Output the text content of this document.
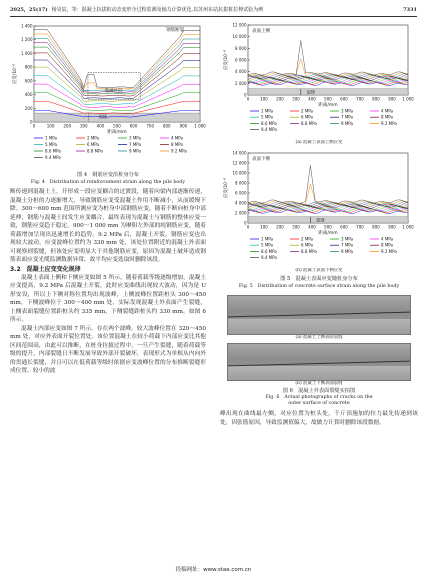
2025，25(17) 杨昊辰，等：混凝土抗拔桩动态变形全过程监测及轴力计算优化,以苏州东站抗拔桩拉伸试验为例	7331
0
200
400
600
800
1 000
1 200
1 400
0	100 200 300 400 500 600 700 800 900 1 000
距离/mm
应变/10⁻⁶
裂缝
选择区间
钢筋断裂
1 MPa	2 MPa	3 MPa	4 MPa
5 MPa	6 MPa	7 MPa	8 MPa
8.6 MPa	8.8 MPa	9 MPa	9.2 MPa
9.4 MPa
图 4　钢筋应变沿桩身分布
Fig. 4　Distribution of reinforcement strain along the pile body

断传递到混凝土上，开形成一段应变耦合的过渡段，随着向梁内部逐渐传递，混凝土分担的力逐渐增大，导致钢筋应变受混凝土作用不断减小，从而缓慢下降。300～600 mm 范围所测应变为桩身中部钢筋应变，随着不断向桩身中部延伸，钢筋与混凝土间发生应变耦合，最终表现为混凝土与钢筋的整体应变一致，钢筋应变趋于稳定。900～1 000 mm 为摩阻左外部的纯钢筋应变，随着荷载增加呈现出迅速增长的趋势。9.2 MPa 后，混凝土开裂，钢筋应变也出现较大波动，应变波峰位置约为 330 mm 处，该处位置附近的混凝土外表面可观察到裂缝，但该处应变明显大于其他钢筋应变，原因为混凝土破坏造成钢筋表面应变光缆监测数据异常，故平均应变选取时删除该段。

3.2　混凝土应变变化规律

混凝土表面上侧和下侧应变如图 5 所示，随着荷载等级逐级增加，混凝土应变提高，9.2 MPa 后混凝土开裂，此时应变曲线出现较大波动，因为是 U 形安设，所以上下侧对称位置均出现波峰，上侧波峰位置距桩头 300～450 mm，下侧波峰位于 300～400 mm 处，实际发现混凝土外表面产生裂缝，上侧表面裂缝位置距桩头约 335 mm，下侧裂缝距桩头约 330 mm，如图 6 所示。

混凝土内部应变如图 7 所示，存在两个波峰。较大波峰位置在 320～450 mm 处，对应外表面开裂位置处。该位置混凝土在较小荷载下内部应变比其他区间范围高，由此可以推断，在桩身拉拔过程中，一旦产生裂缝，随着荷载等级的提升，内部裂缝日不断发展导致外部开裂破坏，表现形式为单根从内向外的贯通长裂缝，并且可以在低荷载等级时依据应变波峰位置的分布推断裂缝形成位置。较小的波

0
2 000
4 000
6 000
8 000
10 000
12 000
0	100 200 300 400 500 600 700 800 900 1 000
距离/mm
应变/10⁻⁶
表面上侧
裂缝
1 MPa	2 MPa	3 MPa	4 MPa
5 MPa	6 MPa	7 MPa	8 MPa
8.6 MPa	8.8 MPa	9 MPa	9.2 MPa
9.4 MPa
(a) 混凝土表面上侧应变
0
2 000
4 000
6 000
8 000
10 000
12 000
14 000
0	100 200 300 400 500 600 700 800 900 1 000
距离/mm
应变/10⁻⁶
表面下侧
裂缝
1 MPa	2 MPa	3 MPa	4 MPa
5 MPa	6 MPa	7 MPa	8 MPa
8.6 MPa	8.8 MPa	9 MPa	9.2 MPa
9.4 MPa
(b) 混凝土表面下侧应变
图 5　混凝土表面应变随桩身分布
Fig. 5　Distribution of concrete surface strain along the pile body
(a) 混凝土上侧表面裂缝
(b) 混凝土下侧表面裂缝
图 6　混凝土外表面裂缝实拍图
Fig. 6　Actual photographs of cracks on the
outer surface of concrete

峰出现在曲线最左侧，对应位置为桩头处，千斤顶施加的拉力最先传递到该处，因张筋原因，导致监测值偏大，故做力计算时删除该段数据。

投稿网址：www.stae.com.cn
